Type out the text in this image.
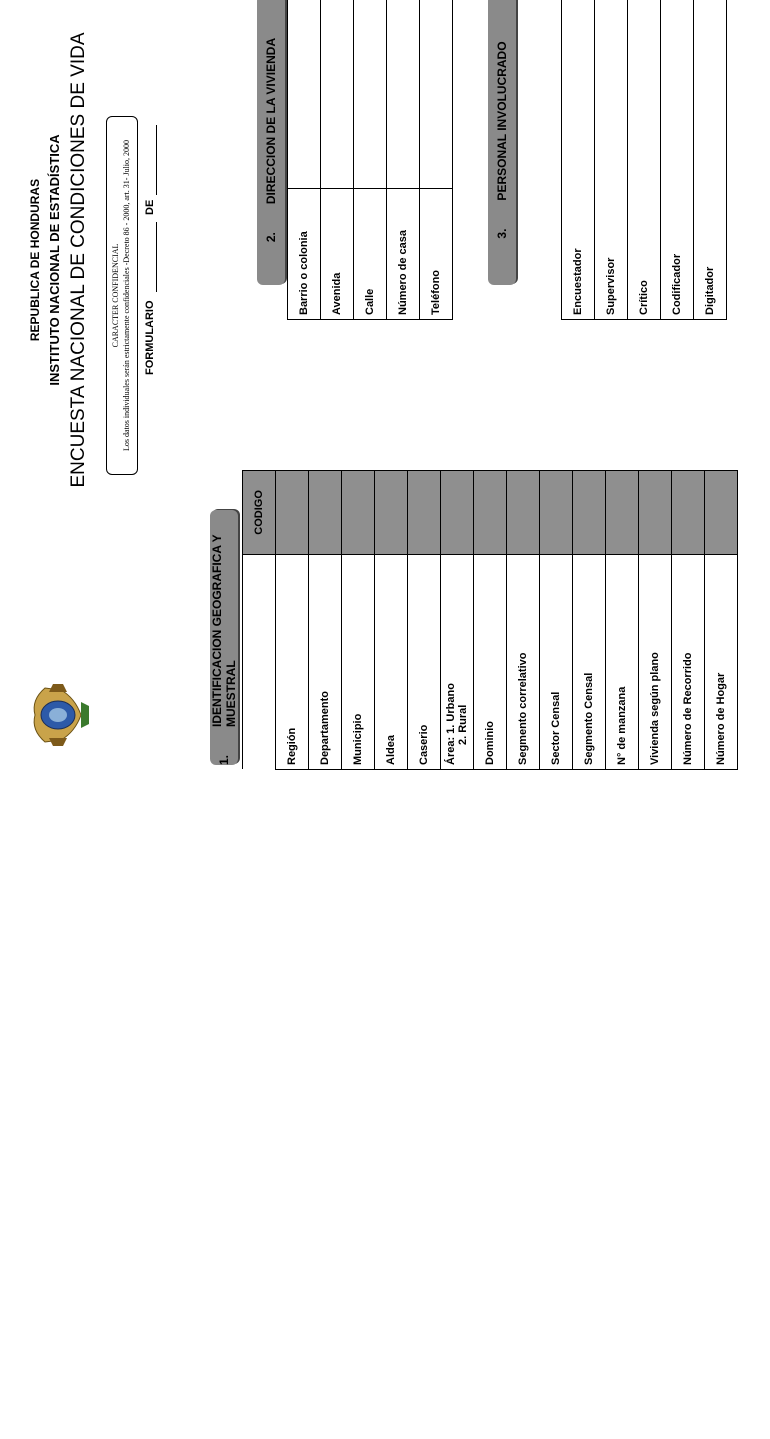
REPUBLICA DE HONDURAS INSTITUTO NACIONAL DE ESTADÍSTICA ENCUESTA NACIONAL DE CONDICIONES DE VIDA	CARACTER CONFIDENCIAL Los datos individuales serán estrictamente confidenciales -Decreto 86 - 2000, art. 31- Julio, 2000 FORMULARIO
DE
1.
IDENTIFICACION GEOGRAFICA Y MUESTRAL
	CODIGO
Región	
Departamento	
Municipio	
Aldea	
Caserio	

Área: 1. Urbano 2. Rural	

Dominio	
Segmento correlativo	
Sector Censal	
Segmento Censal	
N° de manzana	
Vivienda según plano	
Número de Recorrido	
Número de Hogar	
2.
DIRECCION DE LA VIVIENDA
Barrio o colonia	
Avenida	
Calle	
Número de casa	
Teléfono	
3.
PERSONAL INVOLUCRADO

Encuestador	
Supervisor	
Crítico	
Codificador	
Digitador	
